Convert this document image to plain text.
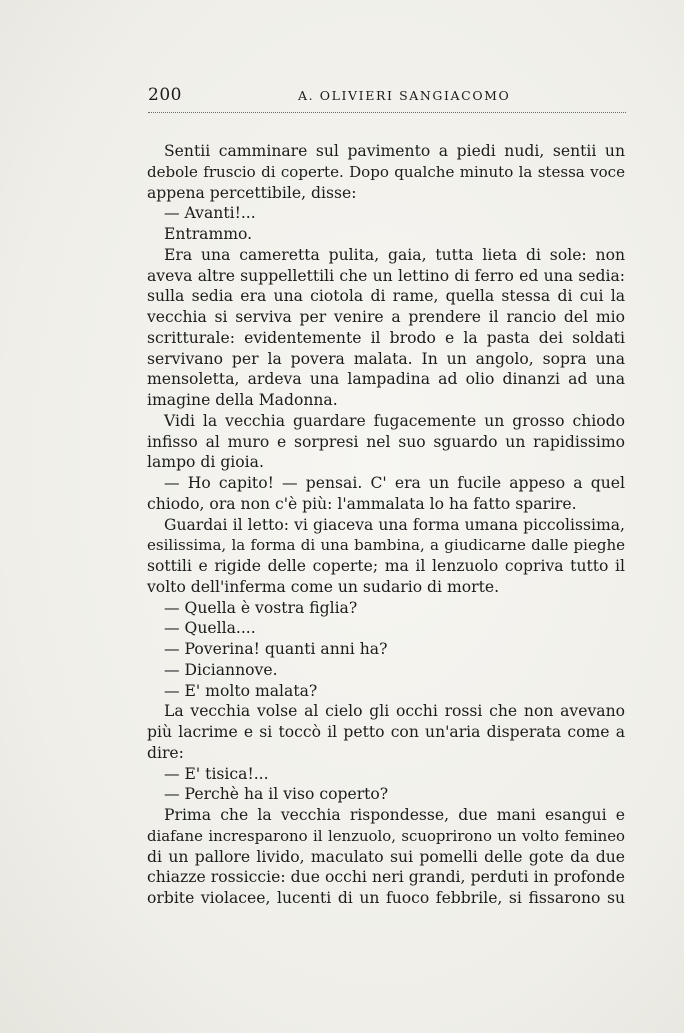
200	A. OLIVIERI SANGIACOMO
Sentii camminare sul pavimento a piedi nudi, sentii un
debole fruscio di coperte. Dopo qualche minuto la stessa voce
appena percettibile, disse:
— Avanti!...
Entrammo.
Era una cameretta pulita, gaia, tutta lieta di sole: non
aveva altre suppellettili che un lettino di ferro ed una sedia:
sulla sedia era una ciotola di rame, quella stessa di cui la
vecchia si serviva per venire a prendere il rancio del mio
scritturale: evidentemente il brodo e la pasta dei soldati
servivano per la povera malata. In un angolo, sopra una
mensoletta, ardeva una lampadina ad olio dinanzi ad una
imagine della Madonna.
Vidi la vecchia guardare fugacemente un grosso chiodo
infisso al muro e sorpresi nel suo sguardo un rapidissimo
lampo di gioia.
— Ho capito! — pensai. C' era un fucile appeso a quel
chiodo, ora non c'è più: l'ammalata lo ha fatto sparire.
Guardai il letto: vi giaceva una forma umana piccolissima,
esilissima, la forma di una bambina, a giudicarne dalle pieghe
sottili e rigide delle coperte; ma il lenzuolo copriva tutto il
volto dell'inferma come un sudario di morte.
— Quella è vostra figlia?
— Quella....
— Poverina! quanti anni ha?
— Diciannove.
— E' molto malata?
La vecchia volse al cielo gli occhi rossi che non avevano
più lacrime e si toccò il petto con un'aria disperata come a
dire:
— E' tisica!...
— Perchè ha il viso coperto?
Prima che la vecchia rispondesse, due mani esangui e
diafane incresparono il lenzuolo, scuoprirono un volto femineo
di un pallore livido, maculato sui pomelli delle gote da due
chiazze rossiccie: due occhi neri grandi, perduti in profonde
orbite violacee, lucenti di un fuoco febbrile, si fissarono su
